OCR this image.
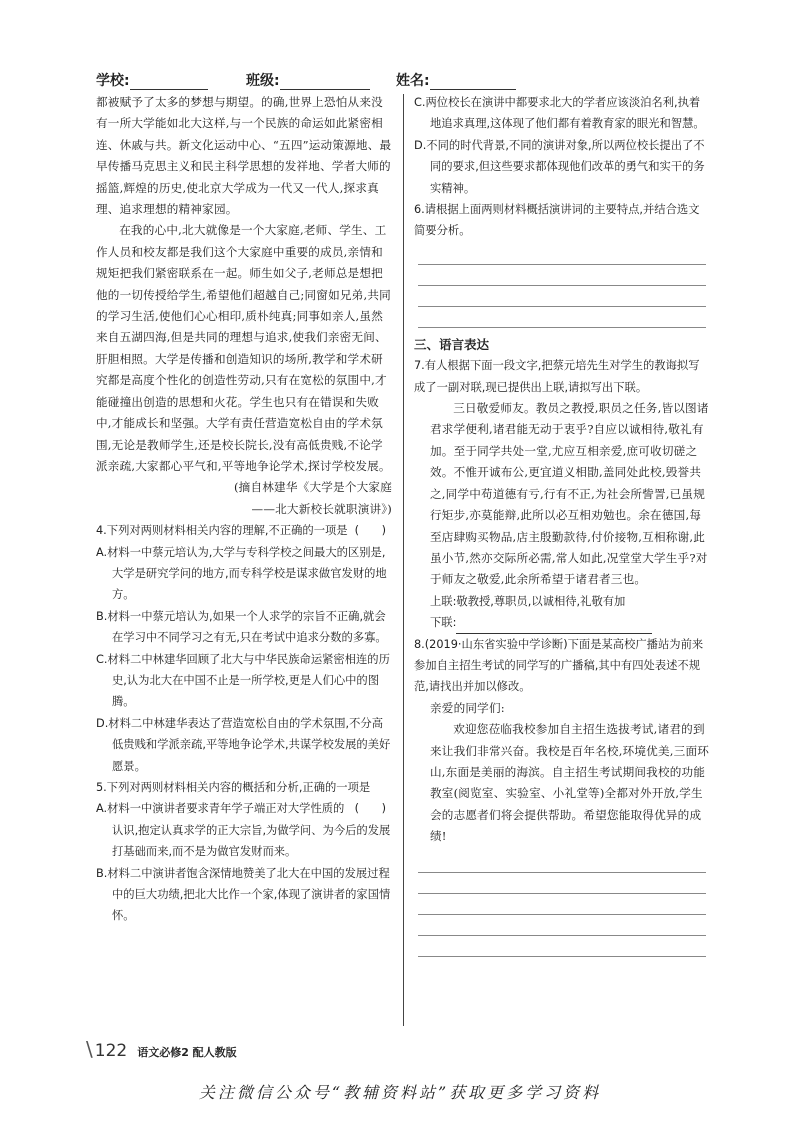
学校:	班级:	姓名:

都被赋予了太多的梦想与期望。的确,世界上恐怕从来没有一所大学能如北大这样,与一个民族的命运如此紧密相连、休戚与共。新文化运动中心、“五四”运动策源地、最早传播马克思主义和民主科学思想的发祥地、学者大师的摇篮,辉煌的历史,使北京大学成为一代又一代人,探求真理、追求理想的精神家园。

在我的心中,北大就像是一个大家庭,老师、学生、工作人员和校友都是我们这个大家庭中重要的成员,亲情和规矩把我们紧密联系在一起。师生如父子,老师总是想把他的一切传授给学生,希望他们超越自己;同窗如兄弟,共同的学习生活,使他们心心相印,质朴纯真;同事如亲人,虽然来自五湖四海,但是共同的理想与追求,使我们亲密无间、肝胆相照。大学是传播和创造知识的场所,教学和学术研究都是高度个性化的创造性劳动,只有在宽松的氛围中,才能碰撞出创造的思想和火花。学生也只有在错误和失败中,才能成长和坚强。大学有责任营造宽松自由的学术氛围,无论是教师学生,还是校长院长,没有高低贵贱,不论学派亲疏,大家都心平气和,平等地争论学术,探讨学校发展。

(摘自林建华《大学是个大家庭

——北大新校长就职演讲》)

4.下列对两则材料相关内容的理解,不正确的一项是 (　　)

A.材料一中蔡元培认为,大学与专科学校之间最大的区别是,大学是研究学问的地方,而专科学校是谋求做官发财的地方。

B.材料一中蔡元培认为,如果一个人求学的宗旨不正确,就会在学习中不同学习之有无,只在考试中追求分数的多寡。

C.材料二中林建华回顾了北大与中华民族命运紧密相连的历史,认为北大在中国不止是一所学校,更是人们心中的图腾。

D.材料二中林建华表达了营造宽松自由的学术氛围,不分高低贵贱和学派亲疏,平等地争论学术,共谋学校发展的美好愿景。

5.下列对两则材料相关内容的概括和分析,正确的一项是
(　　)

A.材料一中演讲者要求青年学子端正对大学性质的认识,抱定认真求学的正大宗旨,为做学问、为今后的发展打基础而来,而不是为做官发财而来。

B.材料二中演讲者饱含深情地赞美了北大在中国的发展过程中的巨大功绩,把北大比作一个家,体现了演讲者的家国情怀。

C.两位校长在演讲中都要求北大的学者应该淡泊名利,执着地追求真理,这体现了他们都有着教育家的眼光和智慧。

D.不同的时代背景,不同的演讲对象,所以两位校长提出了不同的要求,但这些要求都体现他们改革的勇气和实干的务实精神。

6.请根据上面两则材料概括演讲词的主要特点,并结合选文简要分析。

三、语言表达

7.有人根据下面一段文字,把蔡元培先生对学生的教诲拟写成了一副对联,现已提供出上联,请拟写出下联。

三日敬爱师友。教员之教授,职员之任务,皆以图诸君求学便利,诸君能无动于衷乎?自应以诚相待,敬礼有加。至于同学共处一堂,尤应互相亲爱,庶可收切磋之效。不惟开诚布公,更宜道义相勖,盖同处此校,毁誉共之,同学中苟道德有亏,行有不正,为社会所訾詈,已虽规行矩步,亦莫能辩,此所以必互相劝勉也。余在德国,每至店肆购买物品,店主殷勤款待,付价接物,互相称谢,此虽小节,然亦交际所必需,常人如此,况堂堂大学生乎?对于师友之敬爱,此余所希望于诸君者三也。

上联:敬教授,尊职员,以诚相待,礼敬有加

下联:

8.(2019·山东省实验中学诊断)下面是某高校广播站为前来参加自主招生考试的同学写的广播稿,其中有四处表述不规范,请找出并加以修改。

亲爱的同学们:

欢迎您莅临我校参加自主招生选拔考试,诸君的到来让我们非常兴奋。我校是百年名校,环境优美,三面环山,东面是美丽的海滨。自主招生考试期间我校的功能教室(阅览室、实验室、小礼堂等)全都对外开放,学生会的志愿者们将会提供帮助。希望您能取得优异的成绩!

\ 122 语文必修2 配人教版
关注微信公众号“教辅资料站”获取更多学习资料
